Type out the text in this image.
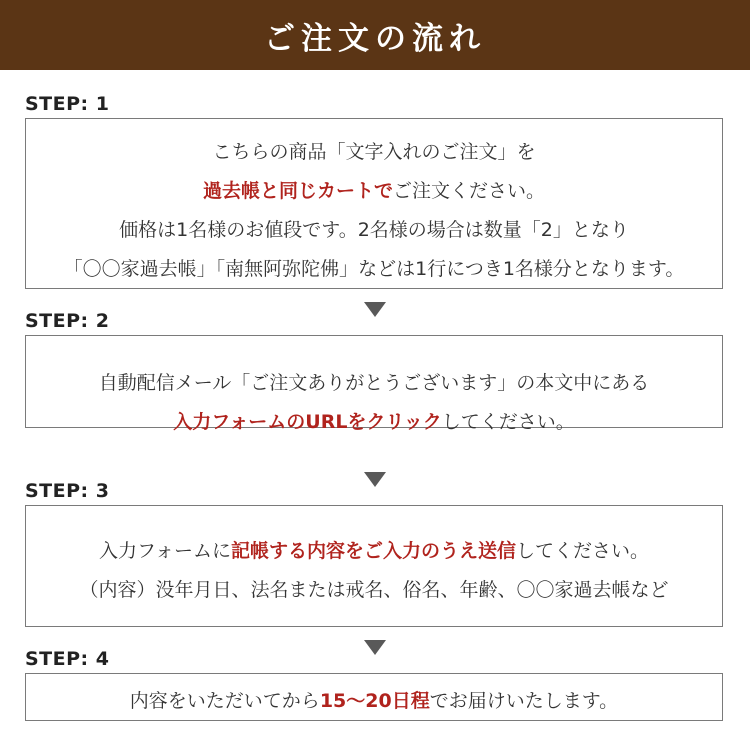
ご注文の流れ
STEP: 1
こちらの商品「文字入れのご注文」を
過去帳と同じカートでご注文ください。
価格は1名様のお値段です。2名様の場合は数量「2」となり
「〇〇家過去帳」「南無阿弥陀佛」などは1行につき1名様分となります。
STEP: 2
自動配信メール「ご注文ありがとうございます」の本文中にある
入力フォームのURLをクリックしてください。
STEP: 3
入力フォームに記帳する内容をご入力のうえ送信してください。
（内容）没年月日、法名または戒名、俗名、年齢、〇〇家過去帳など
STEP: 4
内容をいただいてから15〜20日程でお届けいたします。
